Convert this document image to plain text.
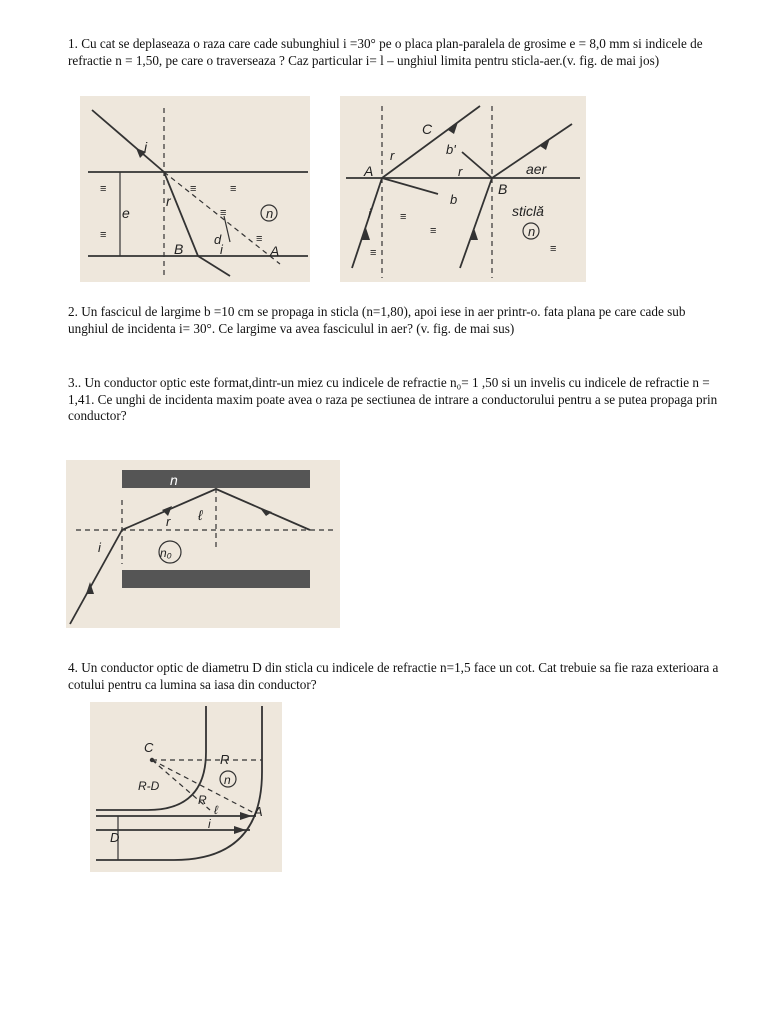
1. Cu cat se deplaseaza o raza care cade subunghiul i =30° pe o placa plan-paralela de grosime e = 8,0 mm si indicele de refractie n = 1,50, pe care o traverseaza ? Caz particular i= l – unghiul limita pentru sticla-aer.(v. fig. de mai jos)

i
e
r
n
B
d
i	A
≡	≡	≡
≡
≡
≡
C
A
r	b'
r	aer
B
b
i	sticlă
n
≡
≡
≡
≡

2. Un fascicul de largime b =10 cm se propaga in sticla (n=1,80), apoi iese in aer printr-o. fata plana pe care cade sub unghiul de incidenta i= 30°. Ce largime va avea fasciculul in aer? (v. fig. de mai sus)

3.. Un conductor optic este format,dintr-un miez cu indicele de refractie n₀= 1 ,50 si un invelis cu indicele de refractie n = 1,41. Ce unghi de incidenta maxim poate avea o raza pe sectiunea de intrare a conductorului pentru a se putea propaga prin conductor?

n
ℓ
r
i	n₀

4. Un conductor optic de diametru D din sticla cu indicele de refractie n=1,5 face un cot. Cat trebuie sa fie raza exterioara a cotului pentru ca lumina sa iasa din conductor?

C
R
R-D	n
R
ℓ	A
D
i
